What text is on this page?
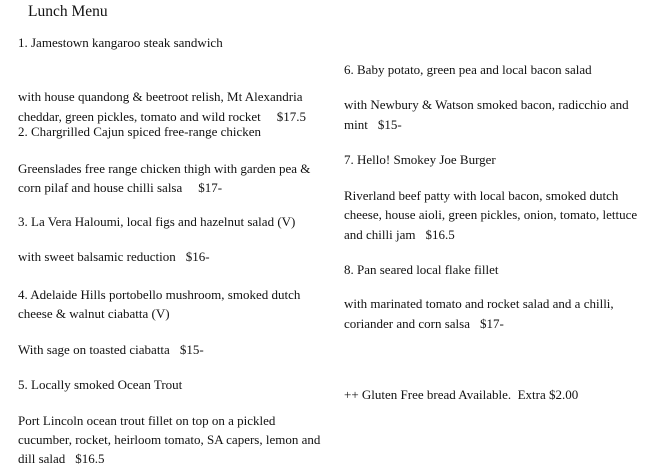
Lunch Menu
1. Jamestown kangaroo steak sandwich
with house quandong & beetroot relish, Mt Alexandria
cheddar, green pickles, tomato and wild rocket $17.5
2. Chargrilled Cajun spiced free-range chicken
Greenslades free range chicken thigh with garden pea &
corn pilaf and house chilli salsa $17-
3. La Vera Haloumi, local figs and hazelnut salad (V)
with sweet balsamic reduction $16-
4. Adelaide Hills portobello mushroom, smoked dutch
cheese & walnut ciabatta (V)
With sage on toasted ciabatta $15-
5. Locally smoked Ocean Trout
Port Lincoln ocean trout fillet on top on a pickled
cucumber, rocket, heirloom tomato, SA capers, lemon and
dill salad $16.5
6. Baby potato, green pea and local bacon salad
with Newbury & Watson smoked bacon, radicchio and
mint $15-
7. Hello! Smokey Joe Burger
Riverland beef patty with local bacon, smoked dutch
cheese, house aioli, green pickles, onion, tomato, lettuce
and chilli jam $16.5
8. Pan seared local flake fillet
with marinated tomato and rocket salad and a chilli,
coriander and corn salsa $17-
++ Gluten Free bread Available.  Extra $2.00
